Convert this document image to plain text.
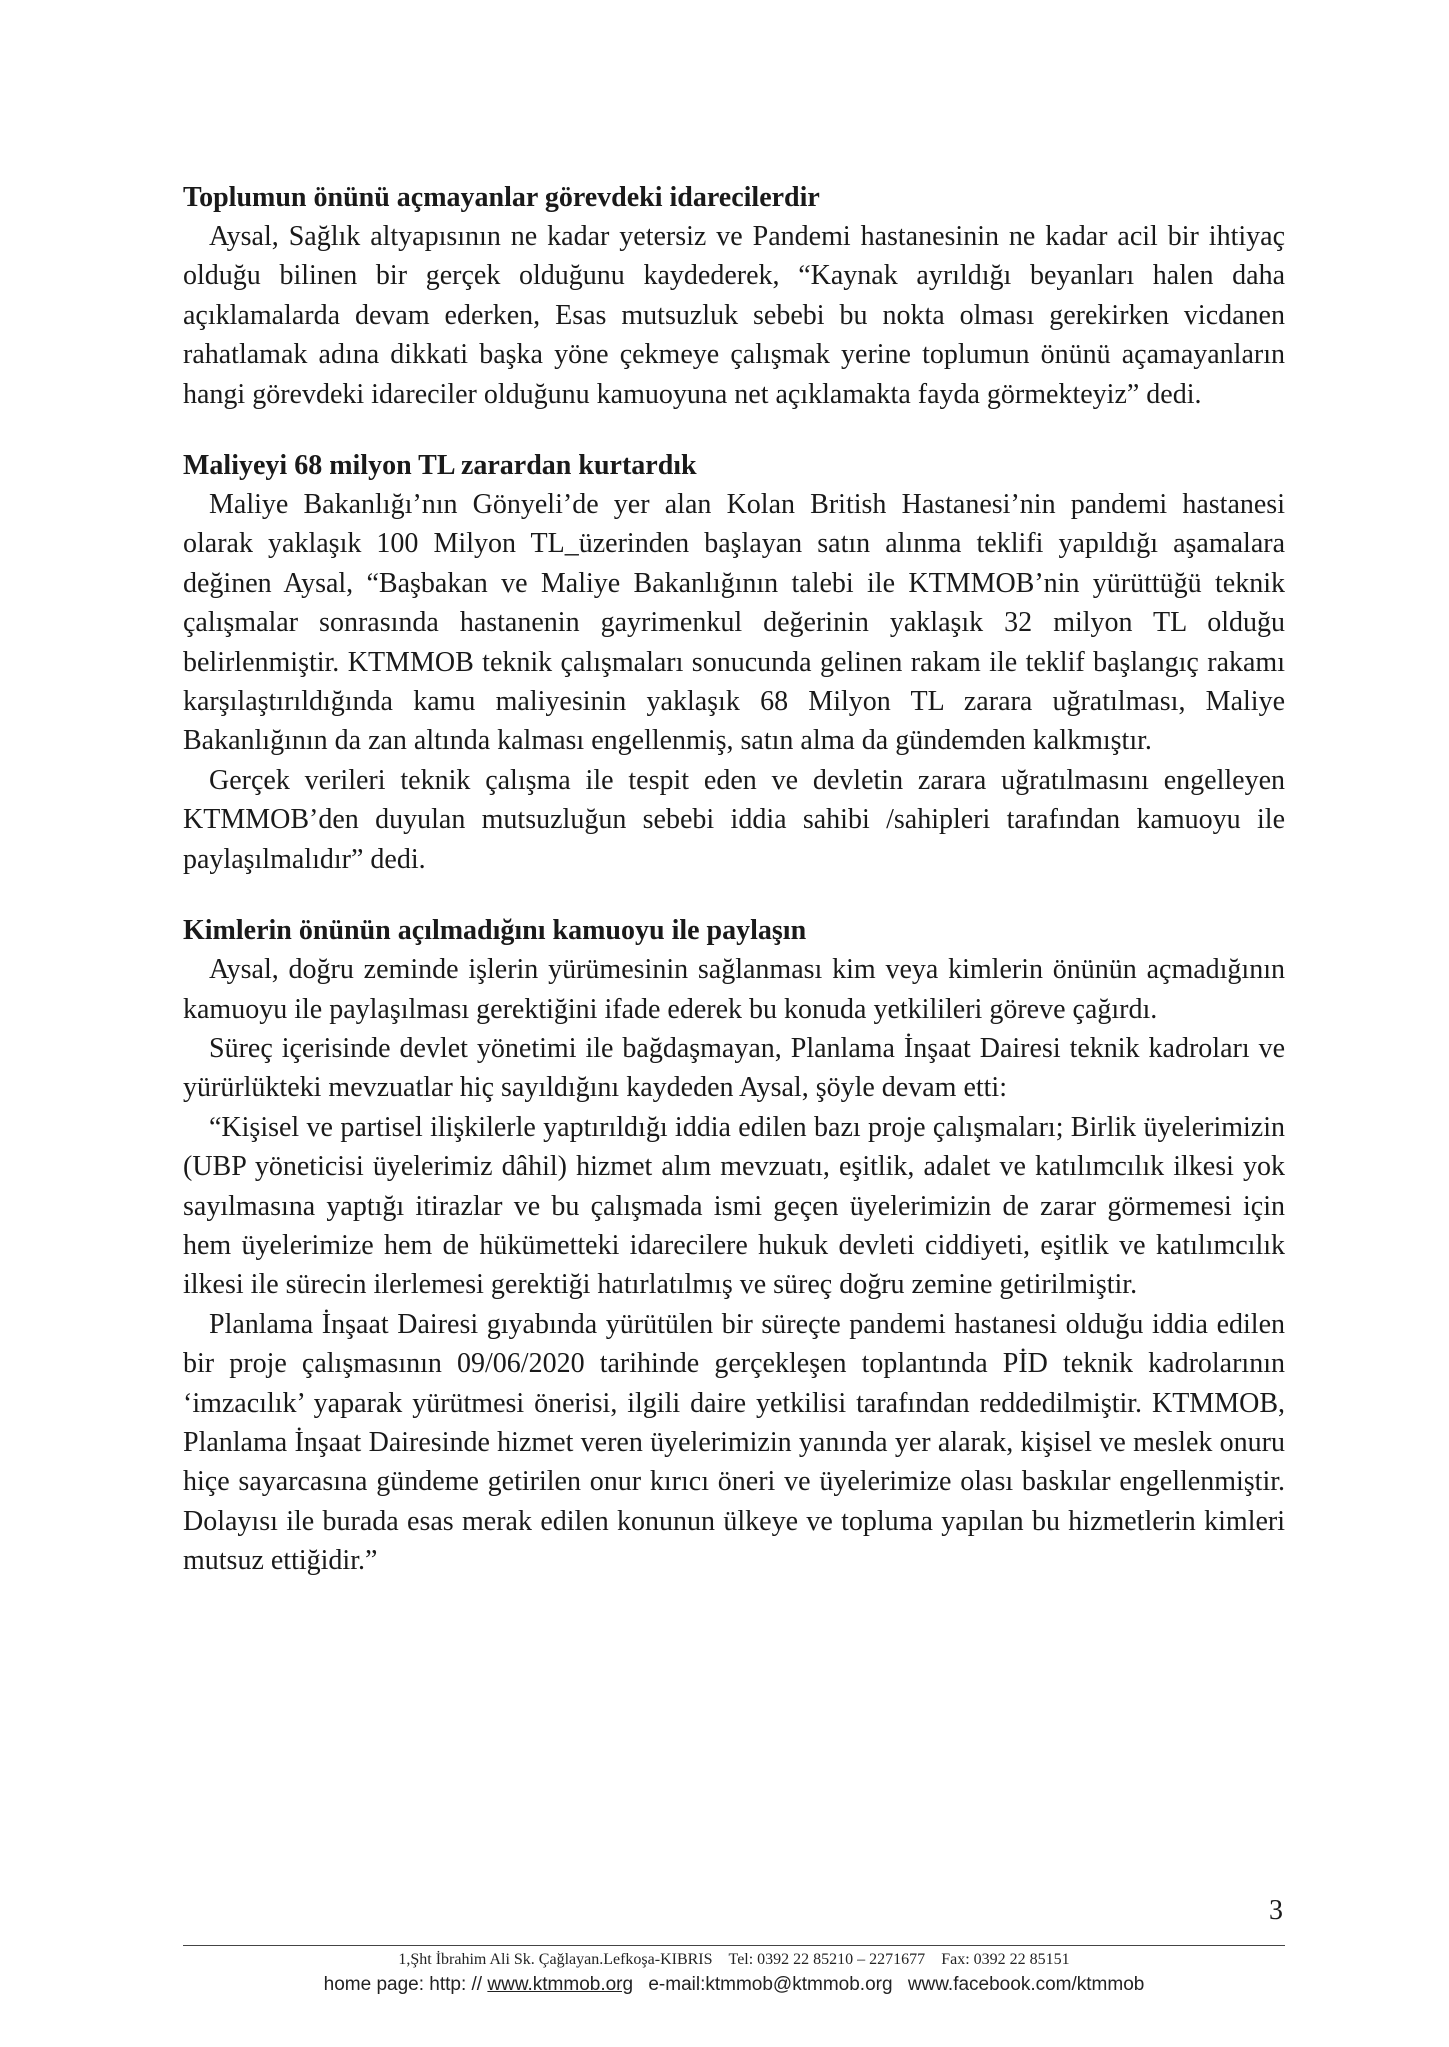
Toplumun önünü açmayanlar görevdeki idarecilerdir

Aysal, Sağlık altyapısının ne kadar yetersiz ve Pandemi hastanesinin ne kadar acil bir ihtiyaç olduğu bilinen bir gerçek olduğunu kaydederek, “Kaynak ayrıldığı beyanları halen daha açıklamalarda devam ederken, Esas mutsuzluk sebebi bu nokta olması gerekirken vicdanen rahatlamak adına dikkati başka yöne çekmeye çalışmak yerine toplumun önünü açamayanların hangi görevdeki idareciler olduğunu kamuoyuna net açıklamakta fayda görmekteyiz” dedi.

Maliyeyi 68 milyon TL zarardan kurtardık

Maliye Bakanlığı’nın Gönyeli’de yer alan Kolan British Hastanesi’nin pandemi hastanesi olarak yaklaşık 100 Milyon TL_üzerinden başlayan satın alınma teklifi yapıldığı aşamalara değinen Aysal, “Başbakan ve Maliye Bakanlığının talebi ile KTMMOB’nin yürüttüğü teknik çalışmalar sonrasında hastanenin gayrimenkul değerinin yaklaşık 32 milyon TL olduğu belirlenmiştir. KTMMOB teknik çalışmaları sonucunda gelinen rakam ile teklif başlangıç rakamı karşılaştırıldığında kamu maliyesinin yaklaşık 68 Milyon TL zarara uğratılması, Maliye Bakanlığının da zan altında kalması engellenmiş, satın alma da gündemden kalkmıştır.

Gerçek verileri teknik çalışma ile tespit eden ve devletin zarara uğratılmasını engelleyen KTMMOB’den duyulan mutsuzluğun sebebi iddia sahibi /sahipleri tarafından kamuoyu ile paylaşılmalıdır” dedi.

Kimlerin önünün açılmadığını kamuoyu ile paylaşın

Aysal, doğru zeminde işlerin yürümesinin sağlanması kim veya kimlerin önünün açmadığının kamuoyu ile paylaşılması gerektiğini ifade ederek bu konuda yetkilileri göreve çağırdı.

Süreç içerisinde devlet yönetimi ile bağdaşmayan, Planlama İnşaat Dairesi teknik kadroları ve yürürlükteki mevzuatlar hiç sayıldığını kaydeden Aysal, şöyle devam etti:

“Kişisel ve partisel ilişkilerle yaptırıldığı iddia edilen bazı proje çalışmaları; Birlik üyelerimizin (UBP yöneticisi üyelerimiz dâhil) hizmet alım mevzuatı, eşitlik, adalet ve katılımcılık ilkesi yok sayılmasına yaptığı itirazlar ve bu çalışmada ismi geçen üyelerimizin de zarar görmemesi için hem üyelerimize hem de hükümetteki idarecilere hukuk devleti ciddiyeti, eşitlik ve katılımcılık ilkesi ile sürecin ilerlemesi gerektiği hatırlatılmış ve süreç doğru zemine getirilmiştir.

Planlama İnşaat Dairesi gıyabında yürütülen bir süreçte pandemi hastanesi olduğu iddia edilen bir proje çalışmasının 09/06/2020 tarihinde gerçekleşen toplantında PİD teknik kadrolarının ‘imzacılık’ yaparak yürütmesi önerisi, ilgili daire yetkilisi tarafından reddedilmiştir. KTMMOB, Planlama İnşaat Dairesinde hizmet veren üyelerimizin yanında yer alarak, kişisel ve meslek onuru hiçe sayarcasına gündeme getirilen onur kırıcı öneri ve üyelerimize olası baskılar engellenmiştir. Dolayısı ile burada esas merak edilen konunun ülkeye ve topluma yapılan bu hizmetlerin kimleri mutsuz ettiğidir.”

3
1,Şht İbrahim Ali Sk. Çağlayan.Lefkoşa-KIBRIS Tel: 0392 22 85210 – 2271677 Fax: 0392 22 85151
home page: http: // www.ktmmob.org e-mail:ktmmob@ktmmob.org www.facebook.com/ktmmob
